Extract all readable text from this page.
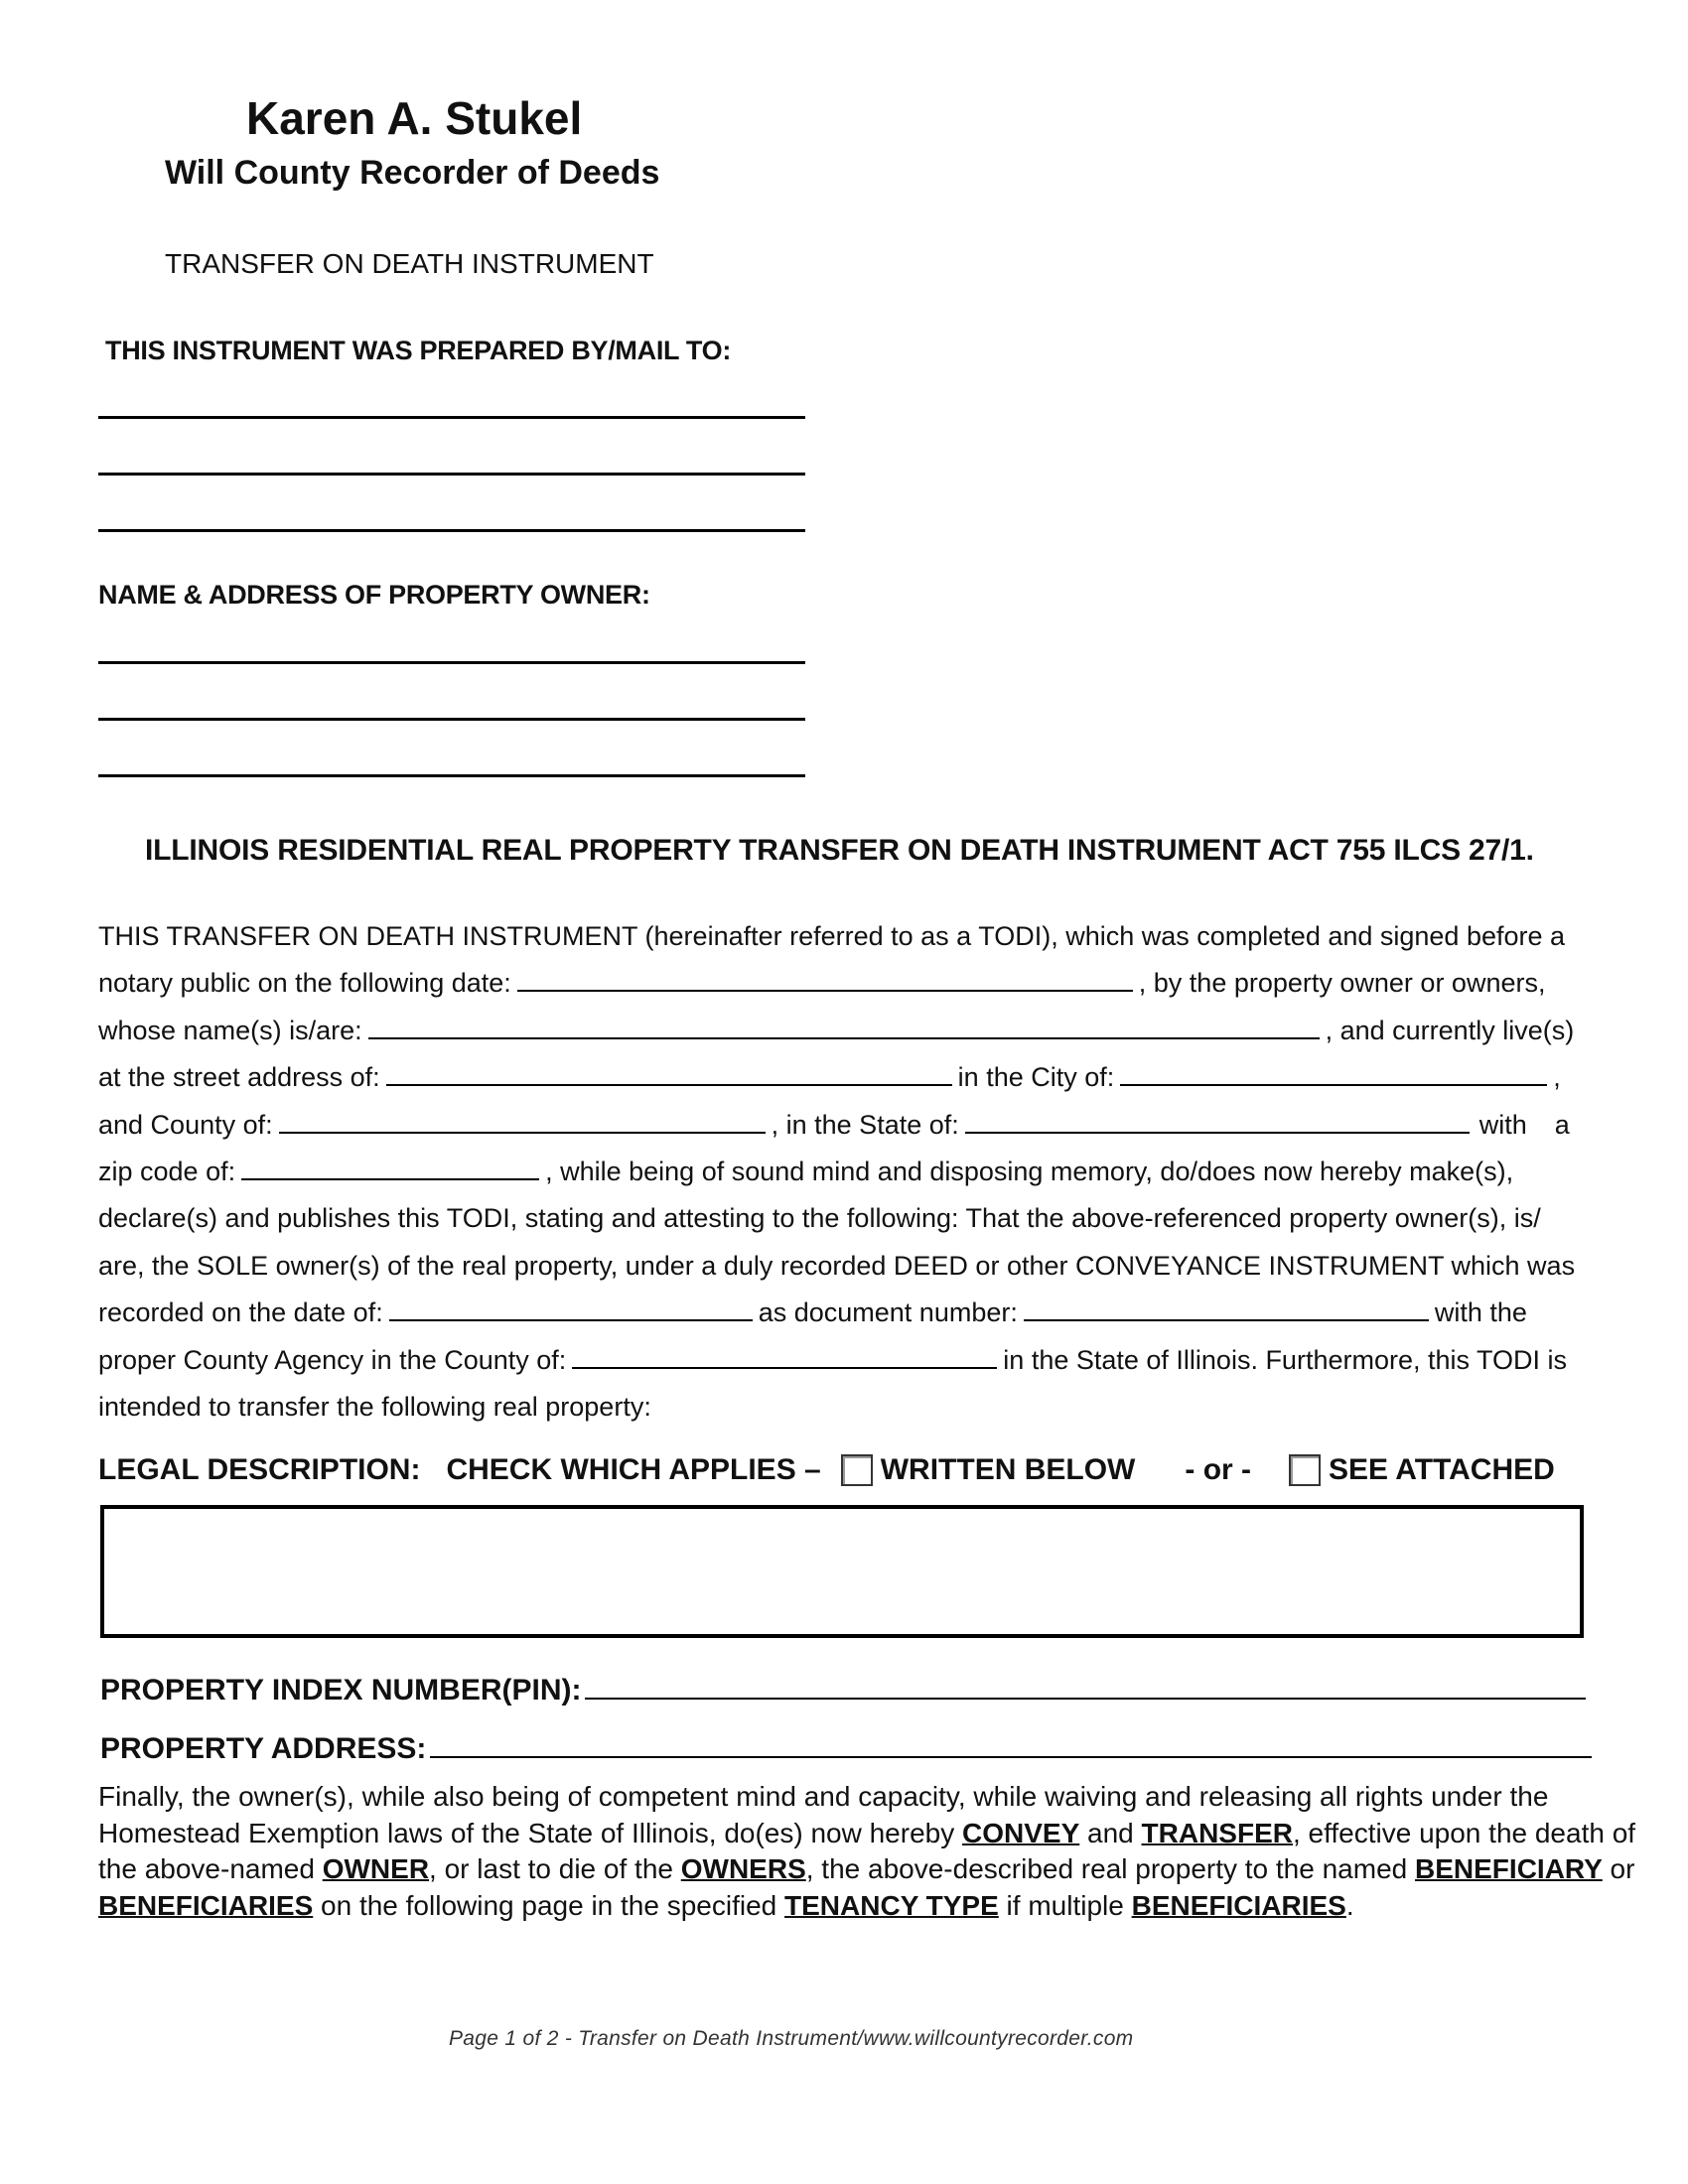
Karen A. Stukel
Will County Recorder of Deeds
TRANSFER ON DEATH INSTRUMENT
THIS INSTRUMENT WAS PREPARED BY/MAIL TO:
NAME & ADDRESS OF PROPERTY OWNER:
ILLINOIS RESIDENTIAL REAL PROPERTY TRANSFER ON DEATH INSTRUMENT ACT 755 ILCS 27/1.
THIS TRANSFER ON DEATH INSTRUMENT (hereinafter referred to as a TODI), which was completed and signed before a
notary public on the following date:	, by the property owner or owners,
whose name(s) is/are:	, and currently live(s)
at the street address of:	in the City of:	,
and County of:	, in the State of:	with a
zip code of:	, while being of sound mind and disposing memory, do/does now hereby make(s),
declare(s) and publishes this TODI, stating and attesting to the following: That the above-referenced property owner(s), is/
are, the SOLE owner(s) of the real property, under a duly recorded DEED or other CONVEYANCE INSTRUMENT which was
recorded on the date of:	as document number:	with the
proper County Agency in the County of:	in the State of Illinois. Furthermore, this TODI is
intended to transfer the following real property:
LEGAL DESCRIPTION: CHECK WHICH APPLIES – WRITTEN BELOW - or -	SEE ATTACHED
PROPERTY INDEX NUMBER(PIN):
PROPERTY ADDRESS:
Finally, the owner(s), while also being of competent mind and capacity, while waiving and releasing all rights under the Homestead Exemption laws of the State of Illinois, do(es) now hereby CONVEY and TRANSFER, effective upon the death of the above-named OWNER, or last to die of the OWNERS, the above-described real property to the named BENEFICIARY or BENEFICIARIES on the following page in the specified TENANCY TYPE if multiple BENEFICIARIES.
Page 1 of 2 - Transfer on Death Instrument/www.willcountyrecorder.com
